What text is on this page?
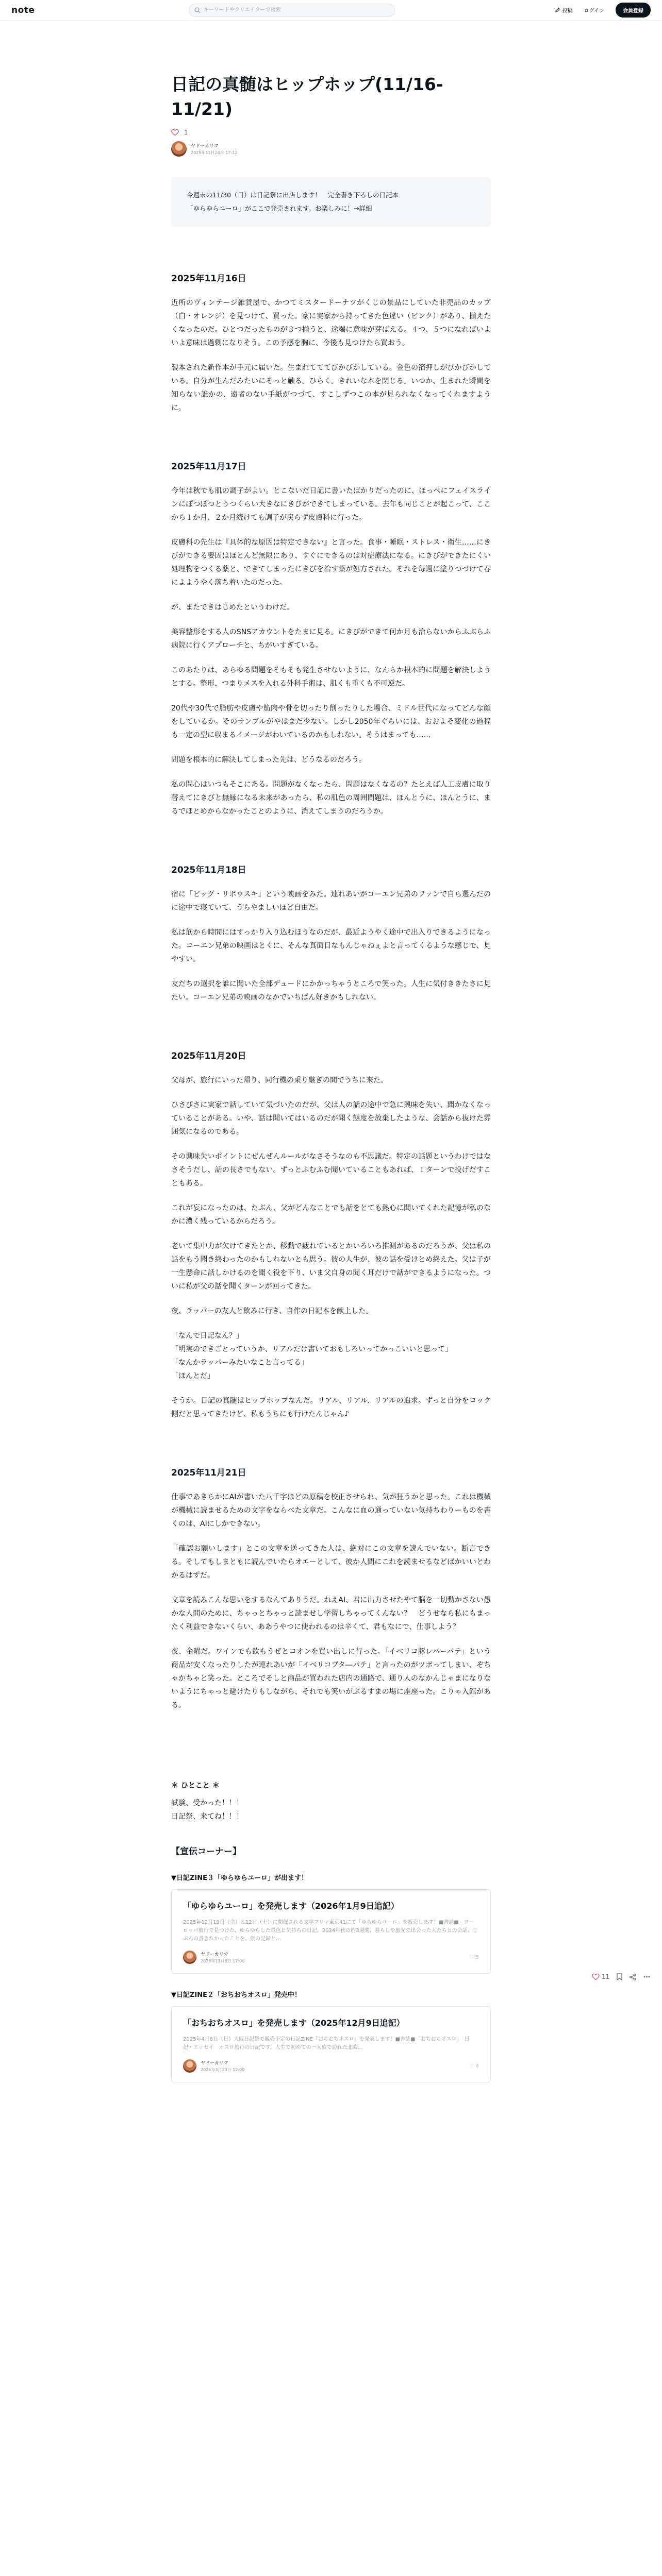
note
キーワードやクリエイターで検索	投稿 ログイン	会員登録
日記の真髄はヒップホップ(11/16-11/21)
1
ヤドーカリマ
2025年11月24日 17:12

今週末の11/30（日）は日記祭に出店します！　完全書き下ろしの日記本

「ゆらゆらユーロ」がここで発売されます。お楽しみに！→詳細

2025年11月16日

近所のヴィンテージ雑貨屋で、かつてミスタードーナツがくじの景品にしていた非売品のカップ（白・オレンジ）を見つけて、買った。家に実家から持ってきた色違い（ピンク）があり、揃えたくなったのだ。ひとつだったものが３つ揃うと、途端に意味が芽ばえる。４つ、５つになればいよいよ意味は過剰になりそう。この予感を胸に、今後も見つけたら買おう。

製本された新作本が手元に届いた。生まれてててびかびかしている。金色の箔押しがびかびかしている。自分が生んだみたいにそっと触る。ひらく。きれいな本を閉じる。いつか、生まれた瞬間を知らない誰かの、遠者のない手紙がつづて、すこしずつこの本が見られなくなってくれますように。

2025年11月17日

今年は秋でも肌の調子がよい。とこないだ日記に書いたばかりだったのに、ほっぺにフェイスラインにぽつぽつとうつくらい大きなにきびができてしまっている。去年も同じことが起こって、ここから１か月、２か月続けても調子が戻らず皮膚科に行った。

皮膚科の先生は『具体的な原因は特定できない』と言った。食事・睡眠・ストレス・衛生……にきびができる要因はほとんど無限にあり、すぐにできるのは対症療法になる。にきびができたにくい処理物をつくる薬と、できてしまったにきびを治す薬が処方された。それを毎週に塗りつづけて春によようやく落ち着いたのだった。

が、またできはじめたというわけだ。

美容整形をする人のSNSアカウントをたまに見る。にきびができて何か月も治らないからふぶらふ病院に行くアプローチと、ちがいすぎている。

このあたりは、あらゆる問題をそもそも発生させないように、なんらか根本的に問題を解決しようとする。整形、つまりメスを入れる外科手術は、肌くも重くも不可逆だ。

20代や30代で脂肪や皮膚や筋肉や骨を切ったり削ったりした場合、ミドル世代になってどんな顔をしているか。そのサンプルがやはまだ少ない。しかし2050年ぐらいには、おおよそ変化の過程も一定の型に収まるイメージがわいているのかもしれない。そうはまっても……

問題を根本的に解決してしまった先は、どうなるのだろう。

私の問心はいつもそこにある。問題がなくなったら、問題はなくなるの？たとえば人工皮膚に取り替えてにきびと無縁になる未来があったら、私の肌色の周囲問題は、ほんとうに、ほんとうに、まるでほとめからなかったことのように、消えてしまうのだろうか。

2025年11月18日

宿に「ビッグ・リボウスキ」という映画をみた。連れあいがコーエン兄弟のファンで自ら選んだのに途中で寝ていて、うらやましいほど自由だ。

私は筋から時間にはすっかり入り込むほうなのだが、最近ようやく途中で出入りできるようになった。コーエン兄弟の映画はとくに、そんな真面目なもんじゃねぇよと言ってくるような感じで、見やすい。

友だちの選択を誰に聞いた全部デュードにかかっちゃうところで笑った。人生に気付ききたさに見たい。コーエン兄弟の映画のなかでいちばん好きかもしれない。

2025年11月20日

父母が、旅行にいった帰り、同行機の乗り継ぎの間でうちに来た。

ひさびさに実家で話していて気づいたのだが、父は人の話の途中で急に興味を失い、聞かなくなっていることがある。いや、話は聞いてはいるのだが聞く態度を放棄したような、会話から抜けた雰囲気になるのである。

その興味失いポイントにぜんぜんルールがなさそうなのも不思議だ。特定の話題というわけではなさそうだし、話の長さでもない。ずっとふむふむ聞いていることもあれば、１ターンで投げだすこともある。

これが妄になったのは、たぶん、父がどんなことでも話をとても熱心に聞いてくれた記憶が私のなかに濃く残っているからだろう。

老いて集中力が欠けてきたとか、移動で疲れているとかいろいろ推測があるのだろうが、父は私の話をもう聞き終わったのかもしれないとも思う。彼の人生が、彼の話を受けとめ終えた。父は子が一生懸命に話しかけるのを聞く役を下り、いま父自身の聞く耳だけで話ができるようになった。ついに私が父の話を聞くターンが回ってきた。

夜、ラッパーの友人と飲みに行き、自作の日記本を献上した。

「なんで日記なん？」
「明実のできごとっていうか、リアルだけ書いておもしろいってかっこいいと思って」
「なんかラッパーみたいなこと言ってる」
「ほんとだ」

そうか。日記の真髄はヒップホップなんだ。リアル、リアル、リアルの追求。ずっと自分をロック側だと思ってきたけど、私もうちにも行けたんじゃん♪

2025年11月21日

仕事であきらかにAIが書いた八千字ほどの原稿を校正させられ、気が狂うかと思った。これは機械が機械に読ませるための文字をならべた文章だ。こんなに血の通っていない気持ちわりーものを書くのは、AIにしかできない。

「確認お願いします」とこの文章を送ってきた人は、絶対にこの文章を読んでいない。断言できる。そしてもしまともに読んでいたらオエーとして、彼か人間にこれを読ませるなどばかいいとわかるはずだ。

文章を読みこんな思いをするなんてありうだ。ねえAI、君に出力させたやて脳を一切動かさない愚かな人間のために、ちゃっとちゃっと読ませし学習しちゃってくんない？　どうせなら私にもまったく利益できないくらい、ああうやつに使われるのは辛くて、君もなにで、仕事しよう？

夜、金曜だ。ワインでも飲もうぜとコオンを買い出しに行った。「イベリコ豚レバーパテ」という商品が安くなったりしたが連れあいが「イベリコブタ―パテ」と言ったのがツボってしまい、ぞちゃかちゃと笑った。ところでそしと商品が買われた店内の通路で、通り人のなかんじゃまになりないようにちゃっと避けたりもしながら、それでも笑いがぶるすまの場に座座った。こりゃ入館がある。

＊ ひとこと ＊
試験、受かった！！！
日記祭、来てね！！！
【宣伝コーナー】
▼日記ZINE３「ゆらゆらユーロ」が出ます！
「ゆらゆらユーロ」を発売します（2026年1月9日追記）
2025年12月19日（金）と12日（土）に開催される文学フリマ東京41にて「ゆらゆらユーロ」を販売します！■書誌■　ヨーロッパ旅行で見つけた、ゆらゆらした景色と気持ちの日記。2024年秋の約3週間、暮らしや旅先で出会った人たちとの会話、じぶんの書きたかったことを、旅の記録と…
ヤドーカリマ
2025年11月6日 17:00
♡ 5
▼日記ZINE２「おちおちオスロ」発売中！
「おちおちオスロ」を発売します（2025年12月9日追記）
2025年4月6日（日）大阪日記祭で販売予定の日記ZINE「おちおちオスロ」を発表します！■書誌■「おちおちオスロ」　日記・エッセイ　オスロ旅行の日記です。人生で初めての一人旅で訪れた北欧…
ヤドーカリマ
2025年3月20日 12:00
♡ 4
11
